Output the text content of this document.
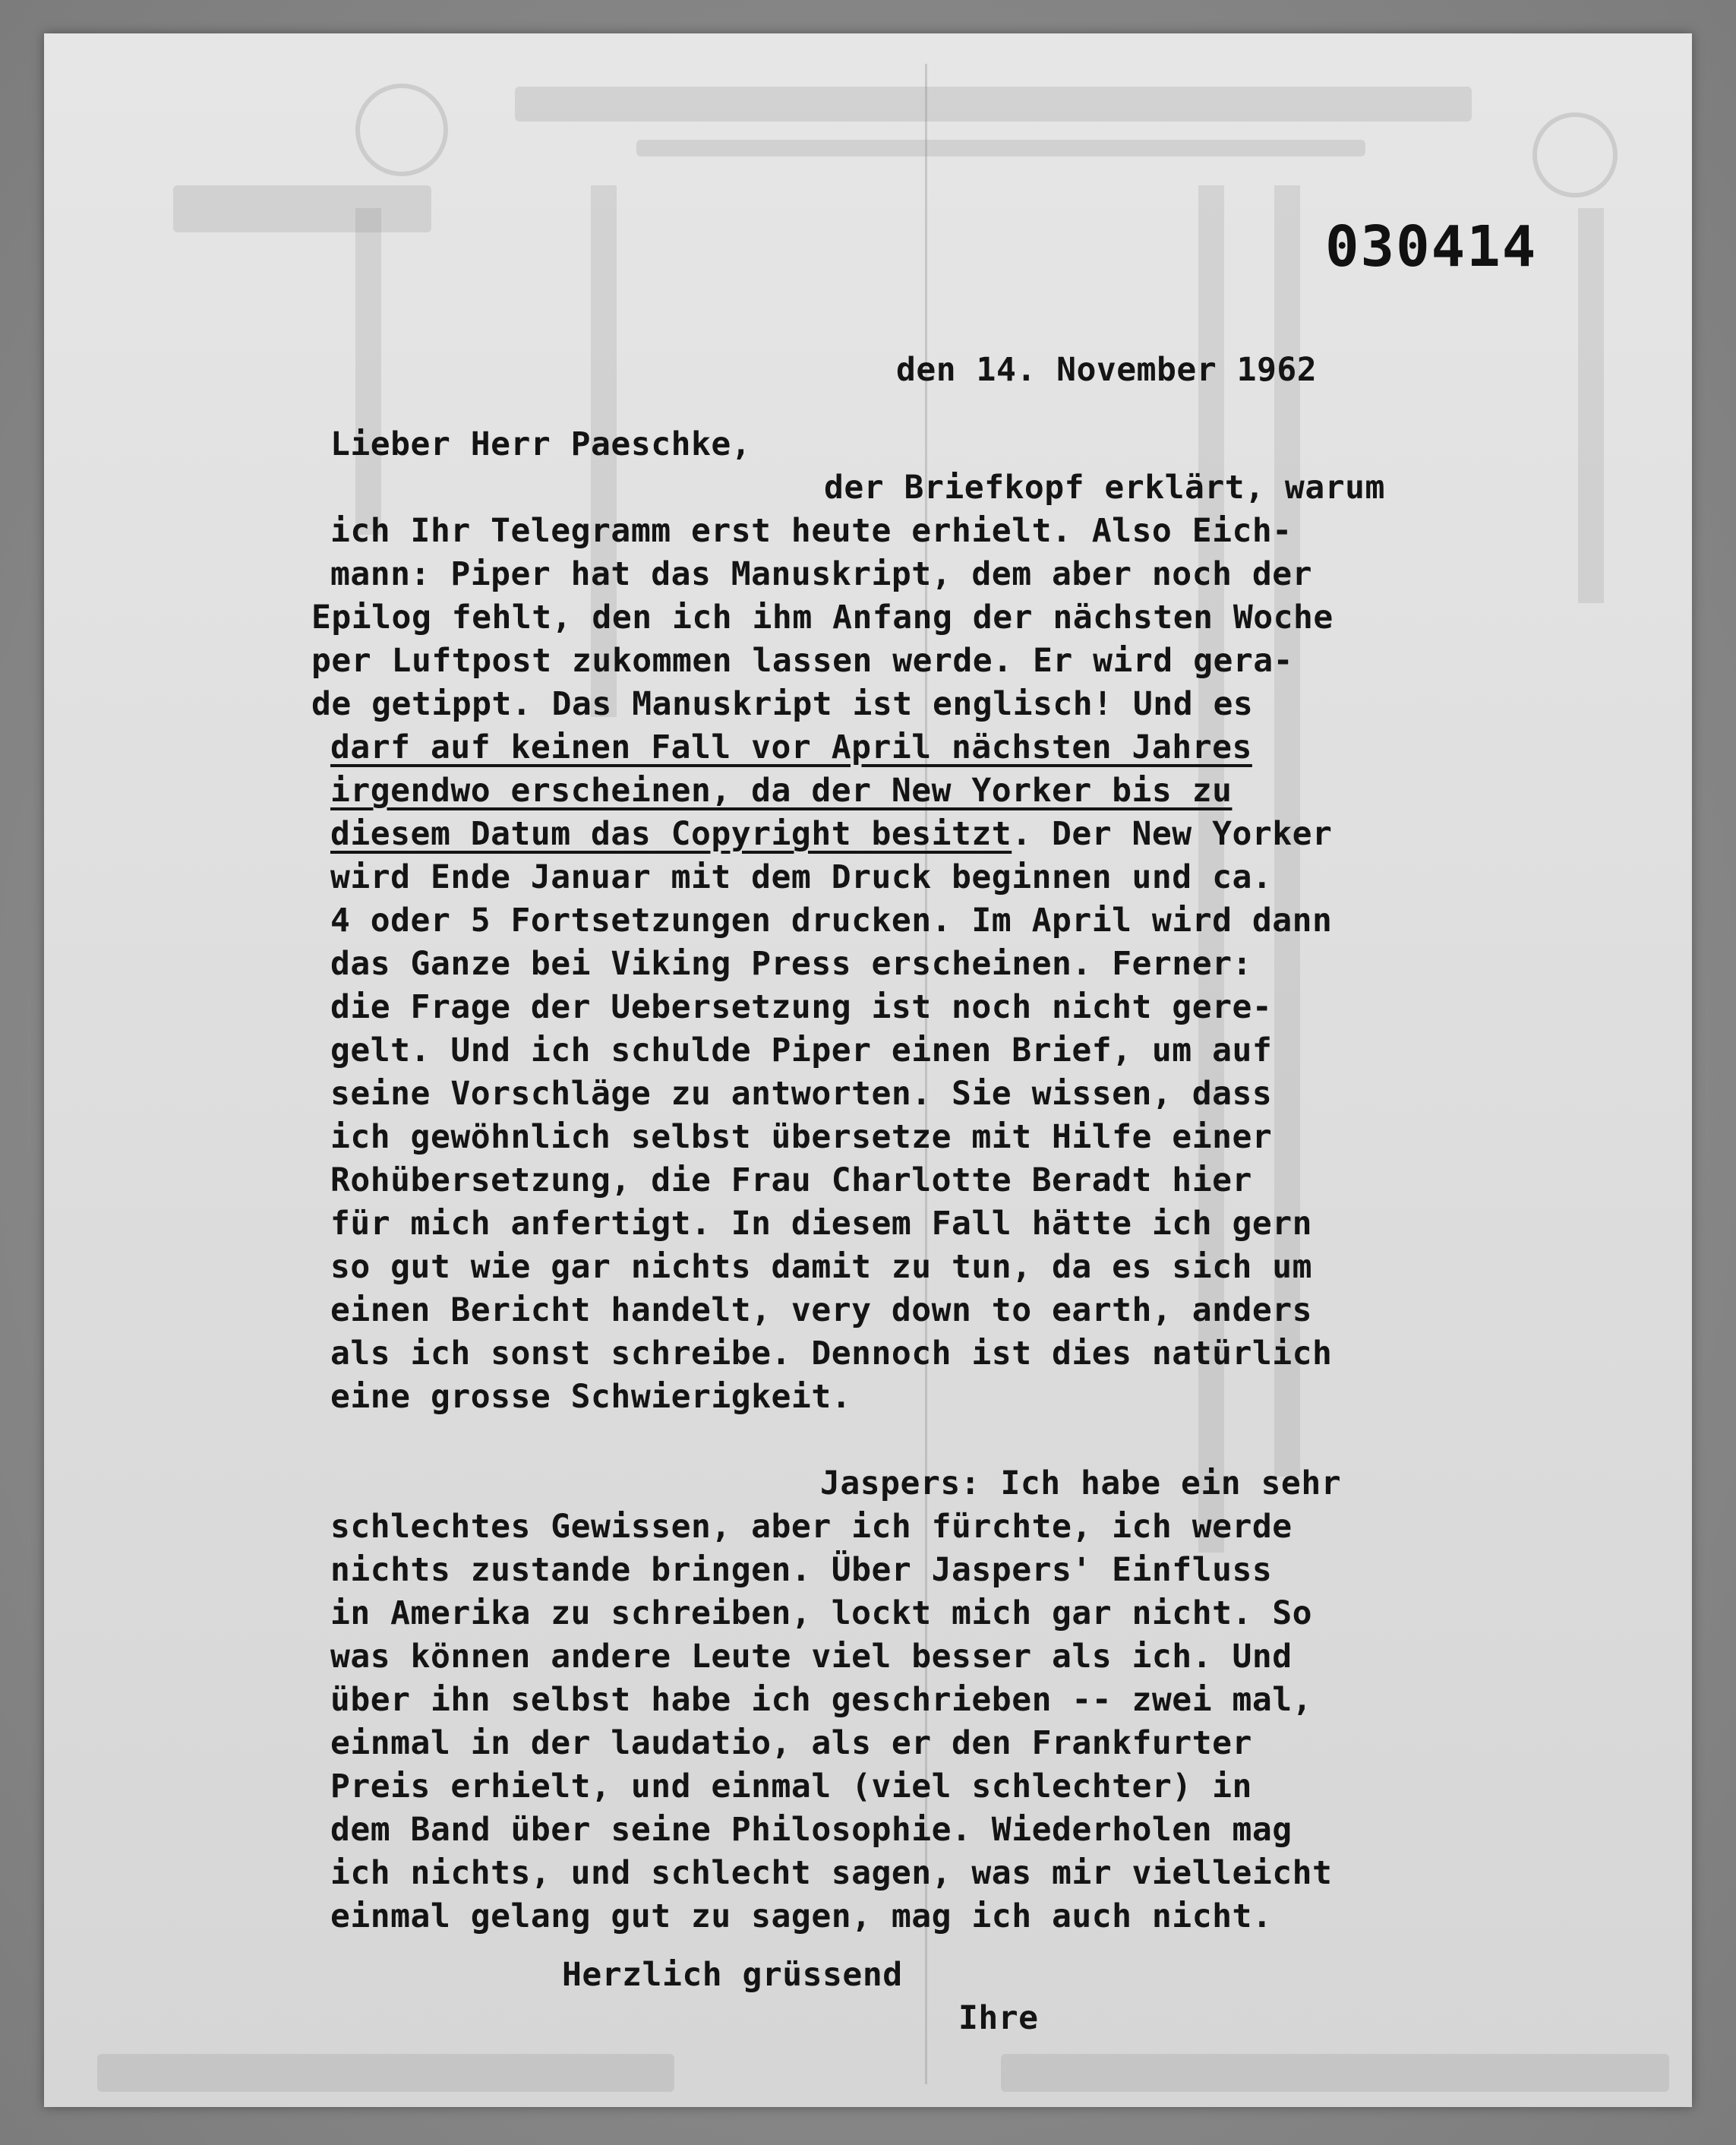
030414
den 14. November 1962
Lieber Herr Paeschke,
der Briefkopf erklärt, warum
ich Ihr Telegramm erst heute erhielt. Also Eich-
mann: Piper hat das Manuskript, dem aber noch der
Epilog fehlt, den ich ihm Anfang der nächsten Woche
per Luftpost zukommen lassen werde. Er wird gera-
de getippt. Das Manuskript ist englisch! Und es
darf auf keinen Fall vor April nächsten Jahres
irgendwo erscheinen, da der New Yorker bis zu
diesem Datum das Copyright besitzt. Der New Yorker
wird Ende Januar mit dem Druck beginnen und ca.
4 oder 5 Fortsetzungen drucken. Im April wird dann
das Ganze bei Viking Press erscheinen. Ferner:
die Frage der Uebersetzung ist noch nicht gere-
gelt. Und ich schulde Piper einen Brief, um auf
seine Vorschläge zu antworten. Sie wissen, dass
ich gewöhnlich selbst übersetze mit Hilfe einer
Rohübersetzung, die Frau Charlotte Beradt hier
für mich anfertigt. In diesem Fall hätte ich gern
so gut wie gar nichts damit zu tun, da es sich um
einen Bericht handelt, very down to earth, anders
als ich sonst schreibe. Dennoch ist dies natürlich
eine grosse Schwierigkeit.
Jaspers: Ich habe ein sehr
schlechtes Gewissen, aber ich fürchte, ich werde
nichts zustande bringen. Über Jaspers' Einfluss
in Amerika zu schreiben, lockt mich gar nicht. So
was können andere Leute viel besser als ich. Und
über ihn selbst habe ich geschrieben -- zwei mal,
einmal in der laudatio, als er den Frankfurter
Preis erhielt, und einmal (viel schlechter) in
dem Band über seine Philosophie. Wiederholen mag
ich nichts, und schlecht sagen, was mir vielleicht
einmal gelang gut zu sagen, mag ich auch nicht.
Herzlich grüssend
Ihre
